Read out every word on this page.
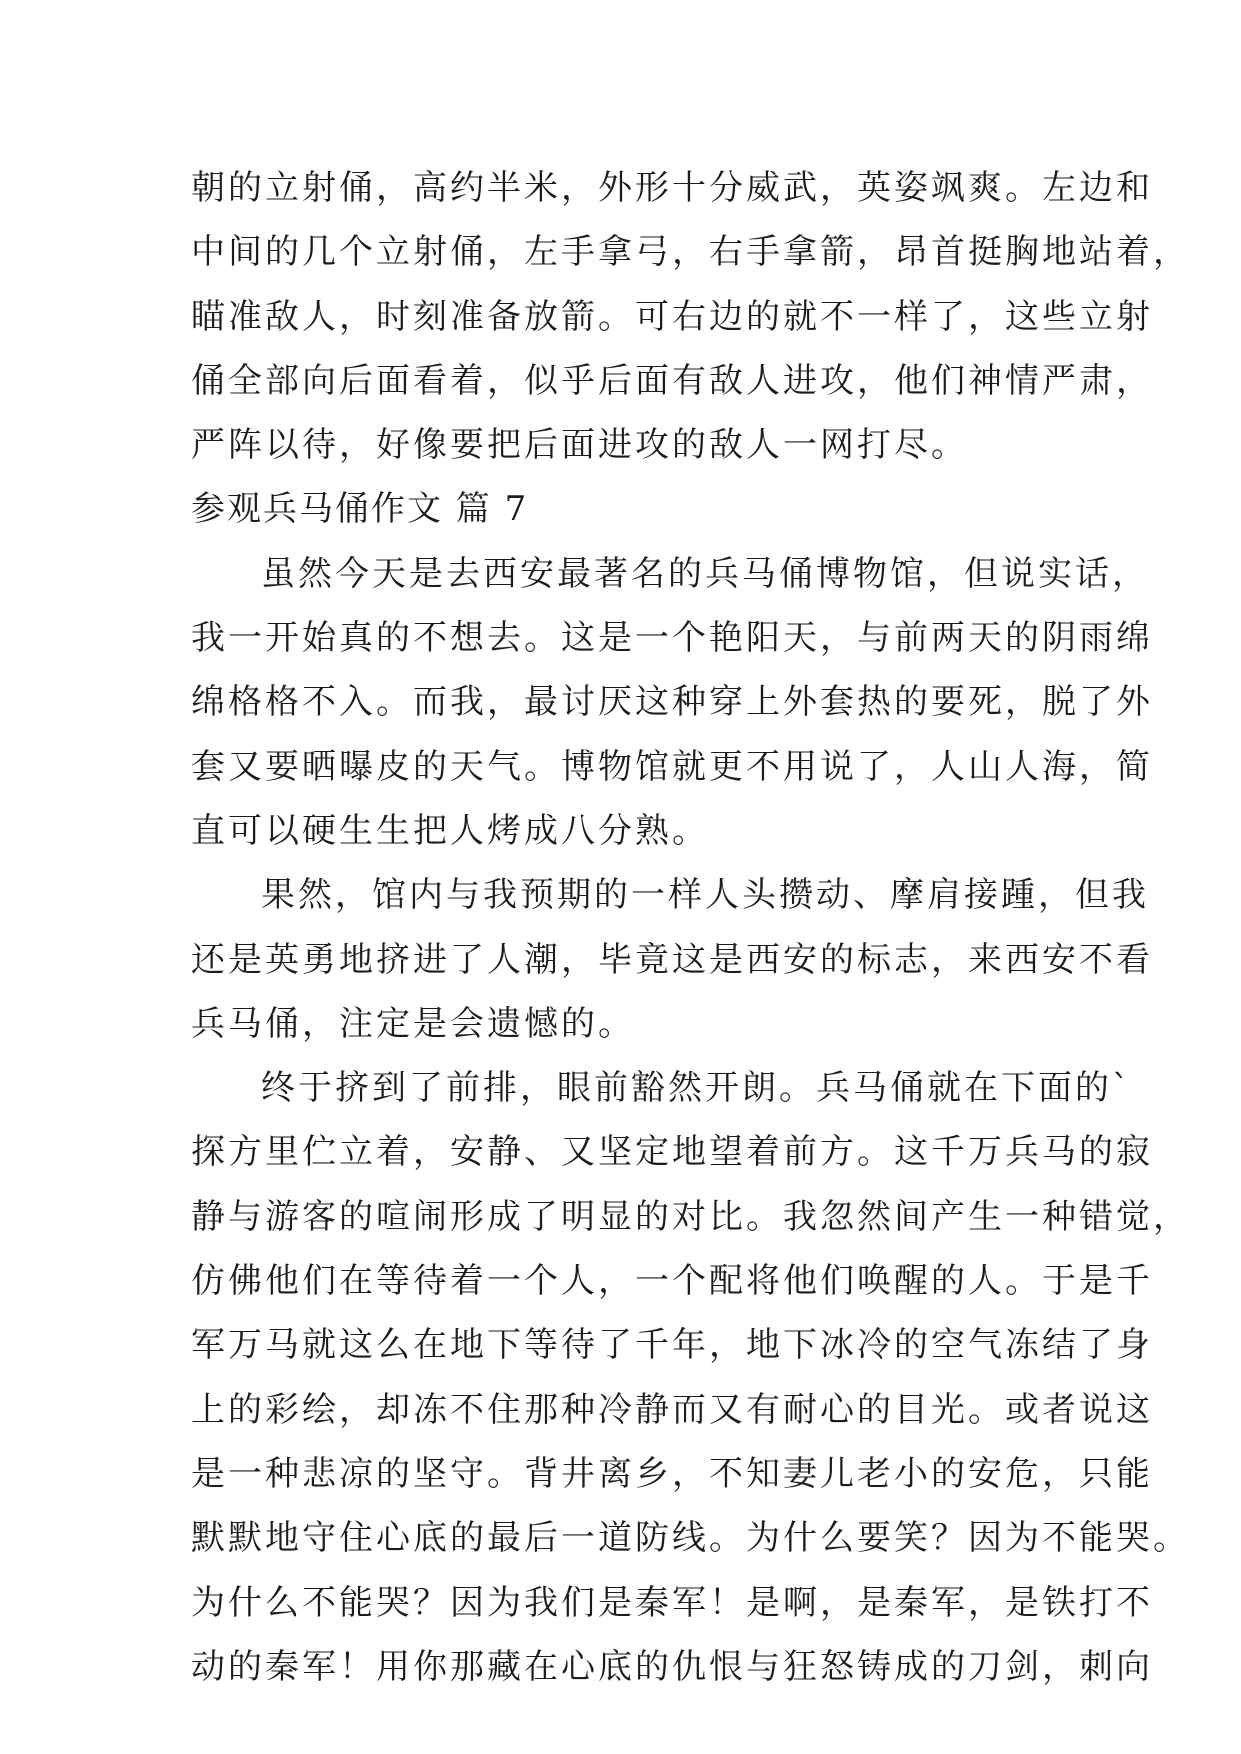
朝的立射俑，高约半米，外形十分威武，英姿飒爽。左边和
中间的几个立射俑，左手拿弓，右手拿箭，昂首挺胸地站着，
瞄准敌人，时刻准备放箭。可右边的就不一样了，这些立射
俑全部向后面看着，似乎后面有敌人进攻，他们神情严肃，
严阵以待，好像要把后面进攻的敌人一网打尽。
参观兵马俑作文 篇 7
虽然今天是去西安最著名的兵马俑博物馆，但说实话，
我一开始真的不想去。这是一个艳阳天，与前两天的阴雨绵
绵格格不入。而我，最讨厌这种穿上外套热的要死，脱了外
套又要晒曝皮的天气。博物馆就更不用说了，人山人海，简
直可以硬生生把人烤成八分熟。
果然，馆内与我预期的一样人头攒动、摩肩接踵，但我
还是英勇地挤进了人潮，毕竟这是西安的标志，来西安不看
兵马俑，注定是会遗憾的。
终于挤到了前排，眼前豁然开朗。兵马俑就在下面的`
探方里伫立着，安静、又坚定地望着前方。这千万兵马的寂
静与游客的喧闹形成了明显的对比。我忽然间产生一种错觉，
仿佛他们在等待着一个人，一个配将他们唤醒的人。于是千
军万马就这么在地下等待了千年，地下冰冷的空气冻结了身
上的彩绘，却冻不住那种冷静而又有耐心的目光。或者说这
是一种悲凉的坚守。背井离乡，不知妻儿老小的安危，只能
默默地守住心底的最后一道防线。为什么要笑？因为不能哭。
为什么不能哭？因为我们是秦军！是啊，是秦军，是铁打不
动的秦军！用你那藏在心底的仇恨与狂怒铸成的刀剑，刺向
